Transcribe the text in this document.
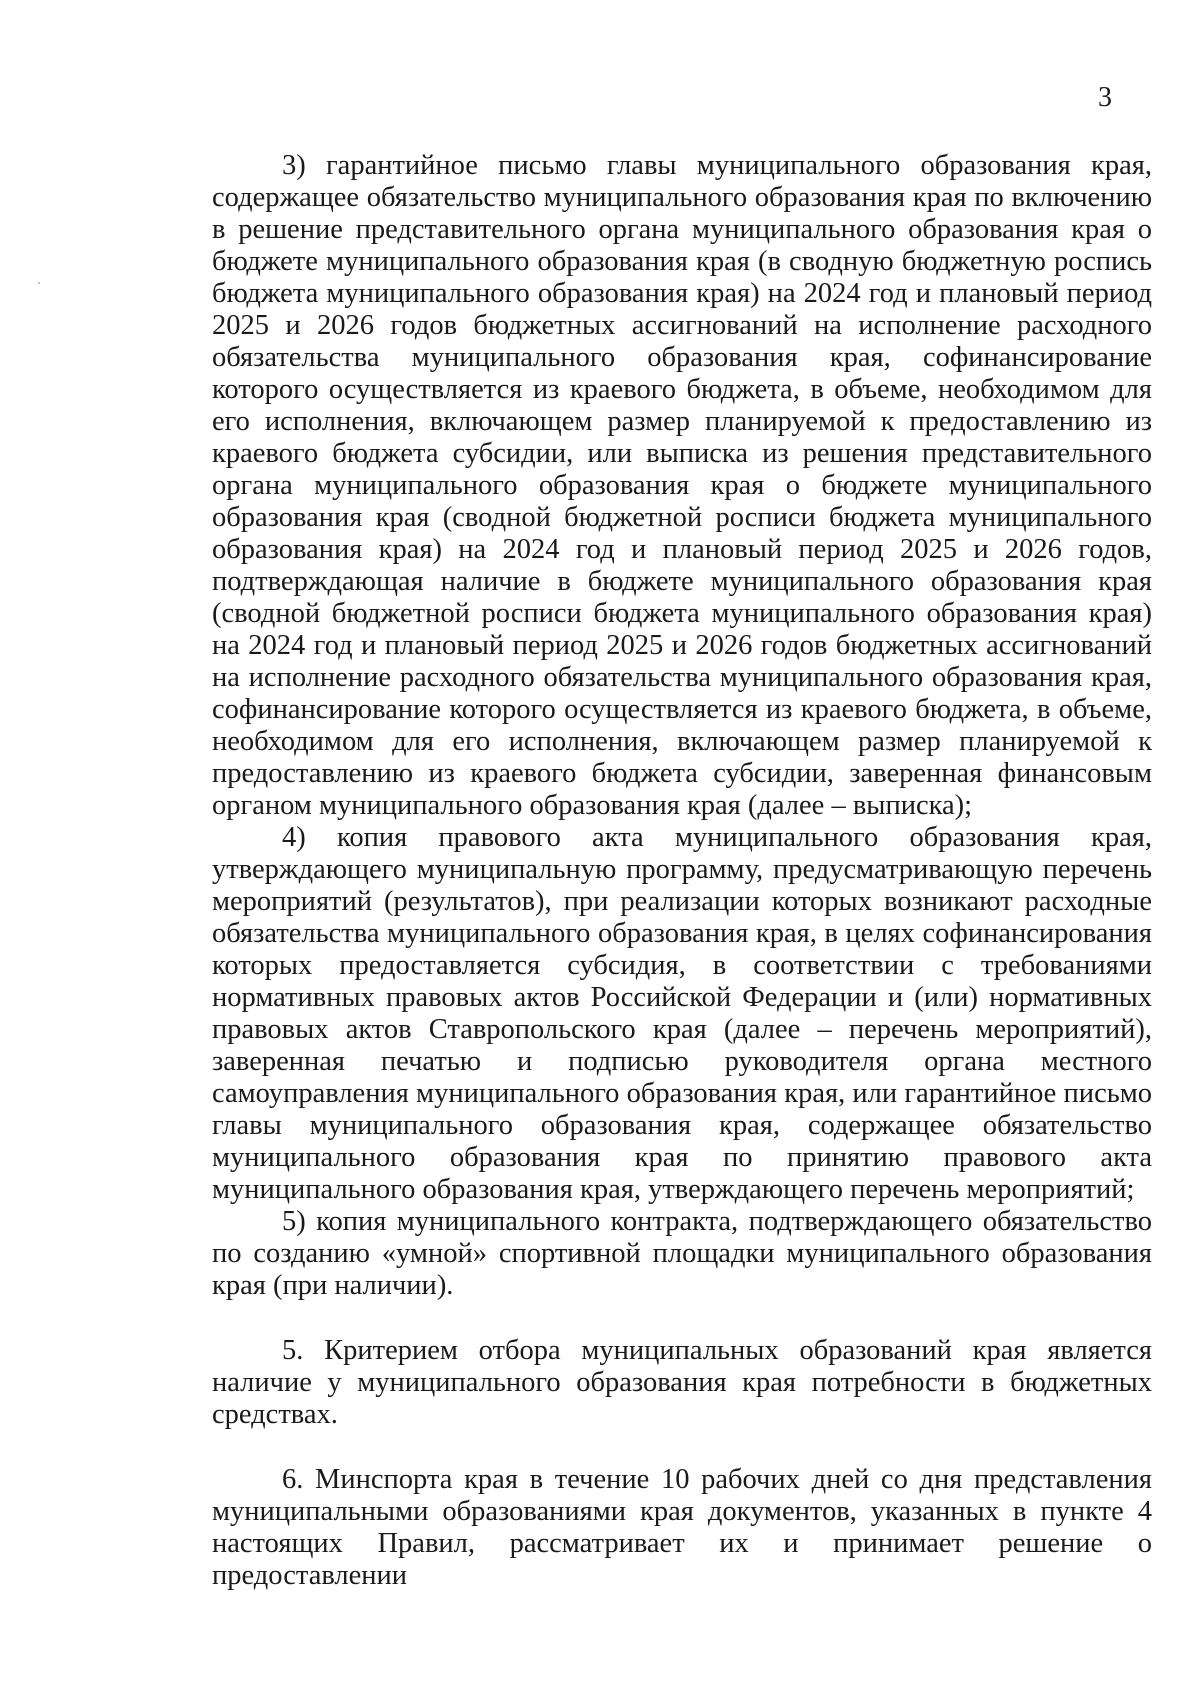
3

3) гарантийное письмо главы муниципального образования края, содержащее обязательство муниципального образования края по включению в решение представительного органа муниципального образования края о бюджете муниципального образования края (в сводную бюджетную роспись бюджета муниципального образования края) на 2024 год и плановый период 2025 и 2026 годов бюджетных ассигнований на исполнение расходного обязательства муниципального образования края, софинансирование которого осуществляется из краевого бюджета, в объеме, необходимом для его исполнения, включающем размер планируемой к предоставлению из краевого бюджета субсидии, или выписка из решения представительного органа муниципального образования края о бюджете муниципального образования края (сводной бюджетной росписи бюджета муниципального образования края) на 2024 год и плановый период 2025 и 2026 годов, подтверждающая наличие в бюджете муниципального образования края (сводной бюджетной росписи бюджета муниципального образования края) на 2024 год и плановый период 2025 и 2026 годов бюджетных ассигнований на исполнение расходного обязательства муниципального образования края, софинансирование которого осуществляется из краевого бюджета, в объеме, необходимом для его исполнения, включающем размер планируемой к предоставлению из краевого бюджета субсидии, заверенная финансовым органом муниципального образования края (далее – выписка);

4) копия правового акта муниципального образования края, утверждающего муниципальную программу, предусматривающую перечень мероприятий (результатов), при реализации которых возникают расходные обязательства муниципального образования края, в целях софинансирования которых предоставляется субсидия, в соответствии с требованиями нормативных правовых актов Российской Федерации и (или) нормативных правовых актов Ставропольского края (далее – перечень мероприятий), заверенная печатью и подписью руководителя органа местного самоуправления муниципального образования края, или гарантийное письмо главы муниципального образования края, содержащее обязательство муниципального образования края по принятию правового акта муниципального образования края, утверждающего перечень мероприятий;

5) копия муниципального контракта, подтверждающего обязательство по созданию «умной» спортивной площадки муниципального образования края (при наличии).

5. Критерием отбора муниципальных образований края является наличие у муниципального образования края потребности в бюджетных средствах.

6. Минспорта края в течение 10 рабочих дней со дня представления муниципальными образованиями края документов, указанных в пункте 4 настоящих Правил, рассматривает их и принимает решение о предоставлении
